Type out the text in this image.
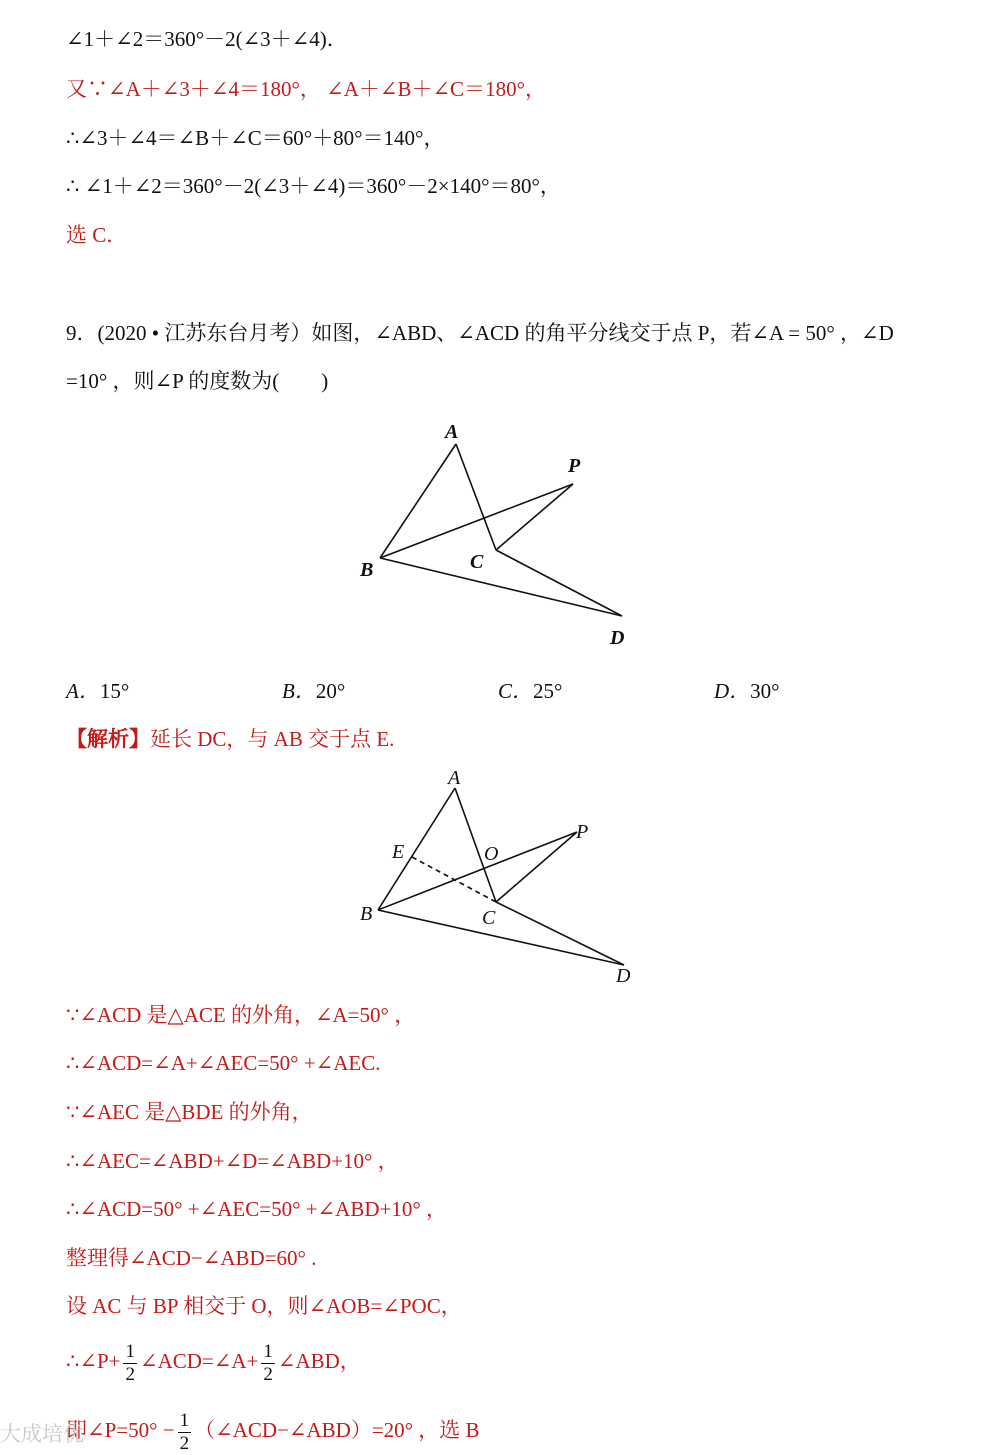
∠1＋∠2＝360°－2(∠3＋∠4)．
又∵∠A＋∠3＋∠4＝180°， ∠A＋∠B＋∠C＝180°，
∴∠3＋∠4＝∠B＋∠C＝60°＋80°＝140°，
∴ ∠1＋∠2＝360°－2(∠3＋∠4)＝360°－2×140°＝80°，
选 C．
9．(2020 • 江苏东台月考）如图，∠ABD、∠ACD 的角平分线交于点 P，若∠A = 50° ，∠D
=10° ，则∠P 的度数为(　　)
A
B	C
D
P
A．15°	B．20°	C．25°	D．30°
【解析】延长 DC，与 AB 交于点 E.
A
B	C
D
E	O
P
∵∠ACD 是△ACE 的外角，∠A=50° ，
∴∠ACD=∠A+∠AEC=50° +∠AEC.
∵∠AEC 是△BDE 的外角，
∴∠AEC=∠ABD+∠D=∠ABD+10° ，
∴∠ACD=50° +∠AEC=50° +∠ABD+10° ，
整理得∠ACD−∠ABD=60° .
设 AC 与 BP 相交于 O，则∠AOB=∠POC，
∴∠P+ $\frac{1}{2}$ ∠ACD=∠A+ $\frac{1}{2}$ ∠ABD，
即∠P=50° − $\frac{1}{2}$ （∠ACD−∠ABD）=20° ，选 B
大成培优
